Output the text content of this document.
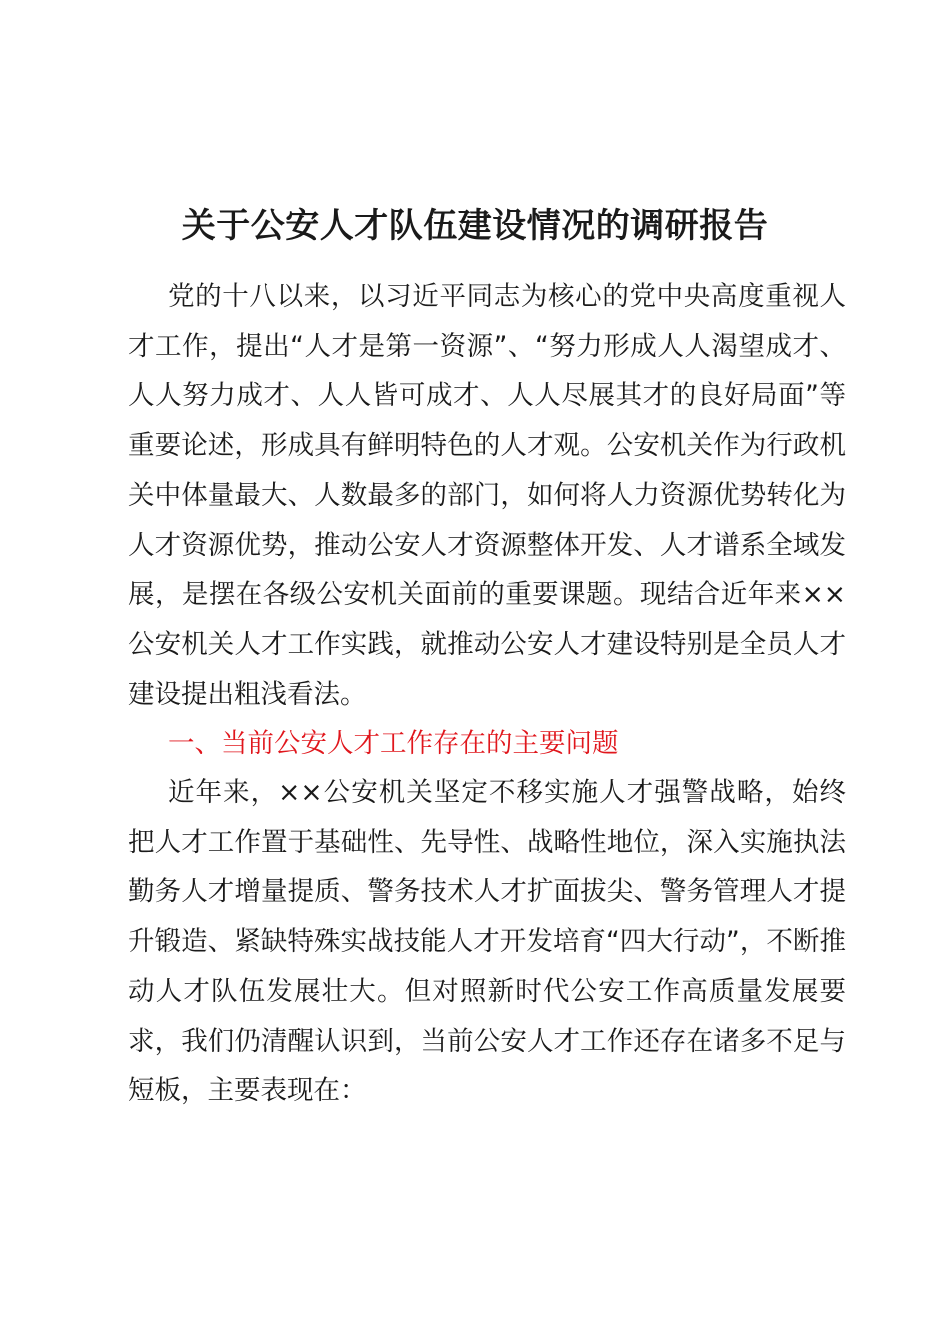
关于公安人才队伍建设情况的调研报告

党的十八以来，以习近平同志为核心的党中央高度重视人才工作，提出“人才是第一资源”、“努力形成人人渴望成才、人人努力成才、人人皆可成才、人人尽展其才的良好局面”等重要论述，形成具有鲜明特色的人才观。公安机关作为行政机关中体量最大、人数最多的部门，如何将人力资源优势转化为人才资源优势，推动公安人才资源整体开发、人才谱系全域发展，是摆在各级公安机关面前的重要课题。现结合近年来××公安机关人才工作实践，就推动公安人才建设特别是全员人才建设提出粗浅看法。

一、当前公安人才工作存在的主要问题

近年来，××公安机关坚定不移实施人才强警战略，始终把人才工作置于基础性、先导性、战略性地位，深入实施执法勤务人才增量提质、警务技术人才扩面拔尖、警务管理人才提升锻造、紧缺特殊实战技能人才开发培育“四大行动”，不断推动人才队伍发展壮大。但对照新时代公安工作高质量发展要求，我们仍清醒认识到，当前公安人才工作还存在诸多不足与短板，主要表现在：
